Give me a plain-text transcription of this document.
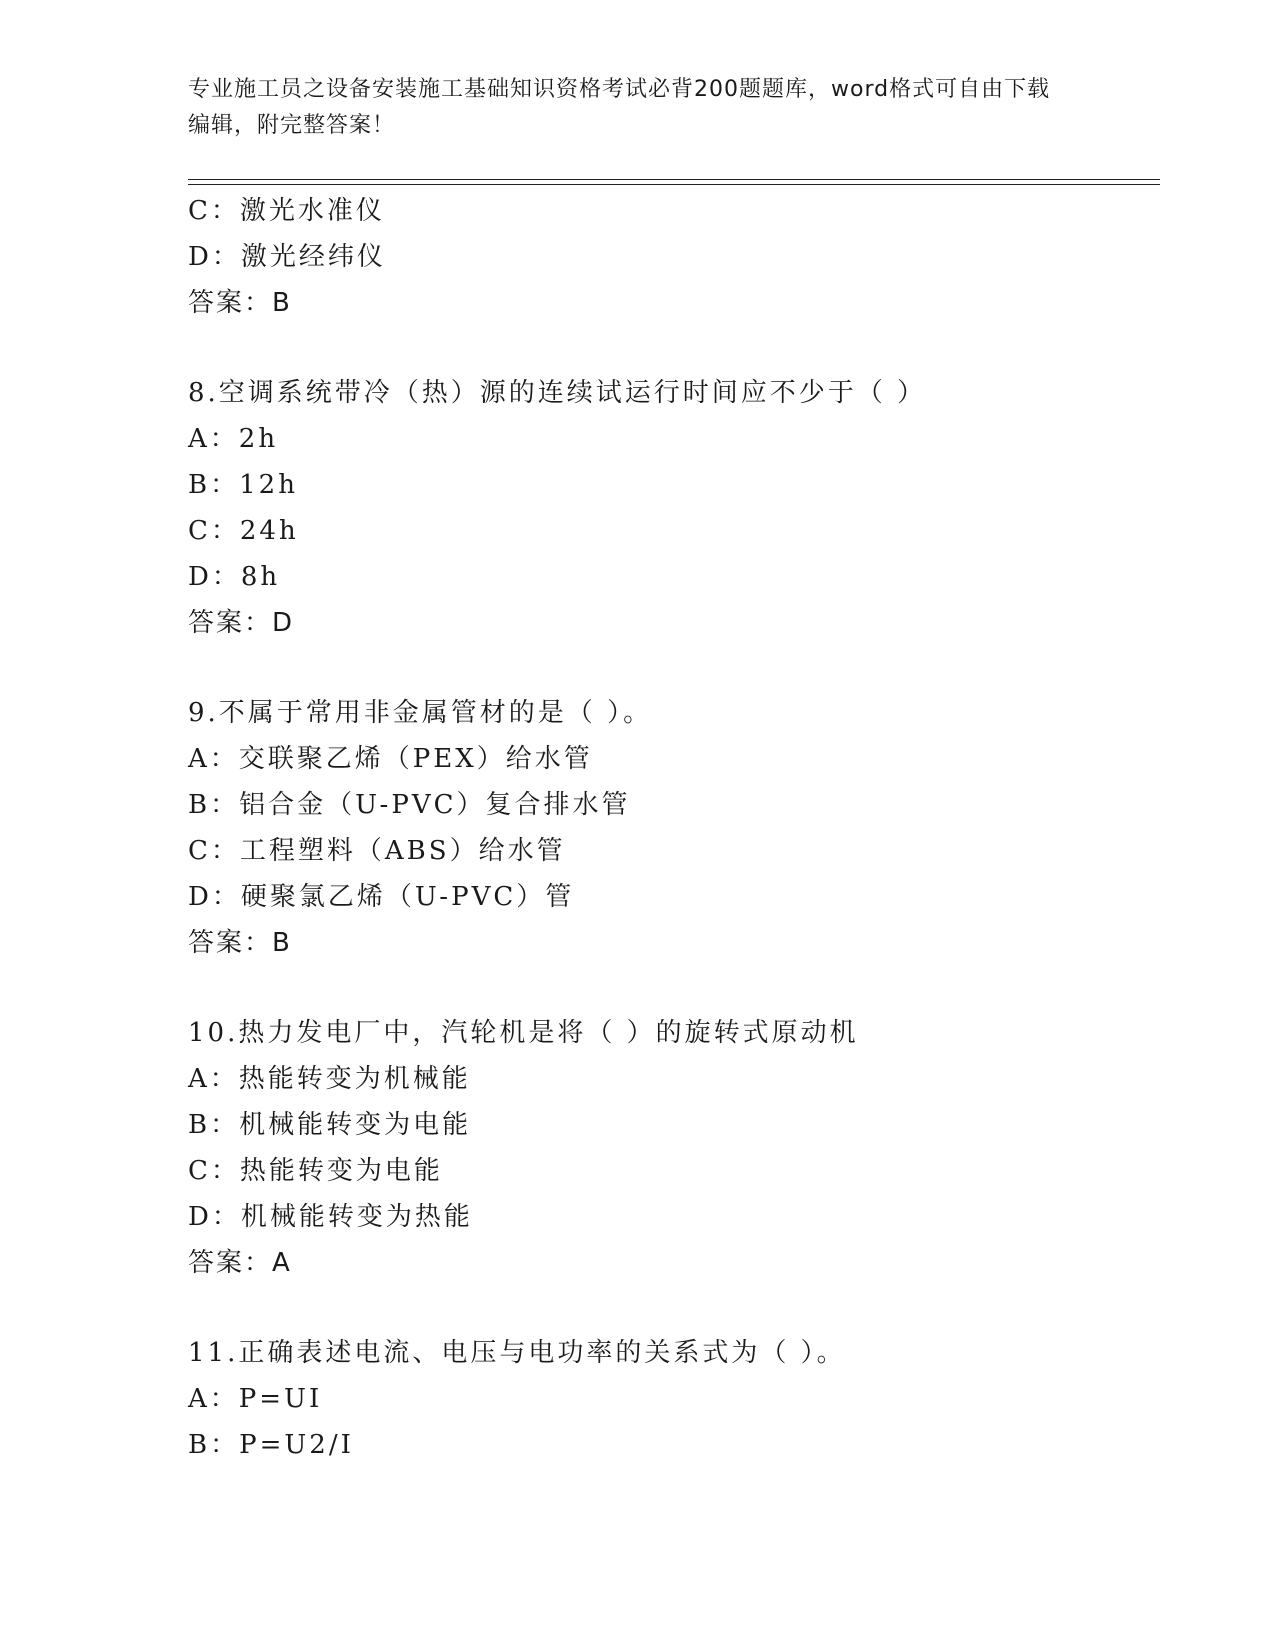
专业施工员之设备安装施工基础知识资格考试必背200题题库，word格式可自由下载编辑，附完整答案！
C：激光水准仪
D：激光经纬仪
答案：B
8.空调系统带冷（热）源的连续试运行时间应不少于（ ）
A：2h
B：12h
C：24h
D：8h
答案：D
9.不属于常用非金属管材的是（ ）。
A：交联聚乙烯（PEX）给水管
B：铝合金（U-PVC）复合排水管
C：工程塑料（ABS）给水管
D：硬聚氯乙烯（U-PVC）管
答案：B
10.热力发电厂中，汽轮机是将（ ）的旋转式原动机
A：热能转变为机械能
B：机械能转变为电能
C：热能转变为电能
D：机械能转变为热能
答案：A
11.正确表述电流、电压与电功率的关系式为（ ）。
A：P=UI
B：P=U2/I
